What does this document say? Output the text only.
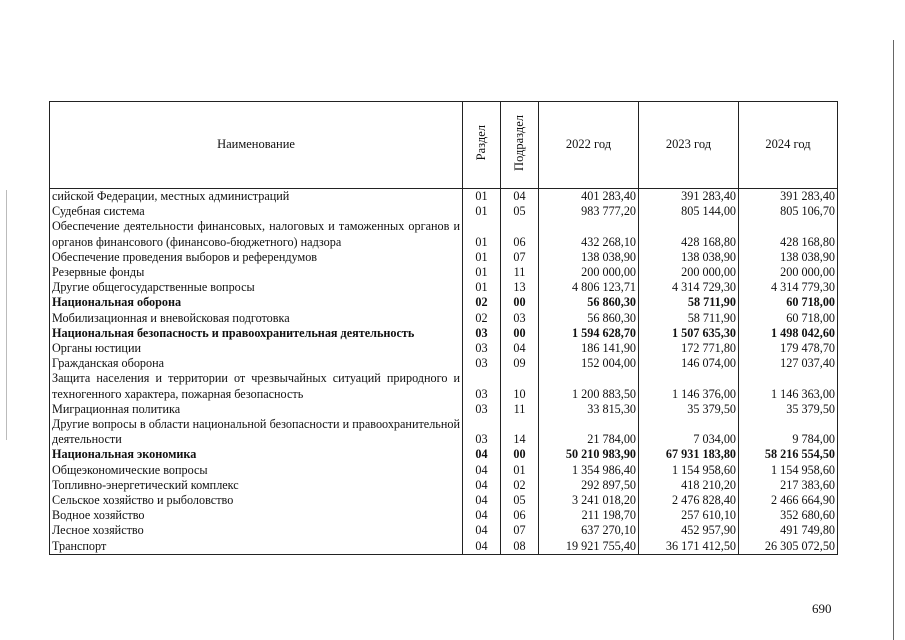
Наименование	Раздел	Подраздел	2022 год	2023 год	2024 год
сийской Федерации, местных администраций	01	04	401 283,40	391 283,40	391 283,40
Судебная система	01	05	983 777,20	805 144,00	805 106,70
Обеспечение деятельности финансовых, налоговых и таможенных органов и органов финансового (финансово-бюджетного) надзора	01	06	432 268,10	428 168,80	428 168,80
Обеспечение проведения выборов и референдумов	01	07	138 038,90	138 038,90	138 038,90
Резервные фонды	01	11	200 000,00	200 000,00	200 000,00
Другие общегосударственные вопросы	01	13	4 806 123,71	4 314 729,30	4 314 779,30
Национальная оборона	02	00	56 860,30	58 711,90	60 718,00
Мобилизационная и вневойсковая подготовка	02	03	56 860,30	58 711,90	60 718,00
Национальная безопасность и правоохранительная деятельность	03	00	1 594 628,70	1 507 635,30	1 498 042,60
Органы юстиции	03	04	186 141,90	172 771,80	179 478,70
Гражданская оборона	03	09	152 004,00	146 074,00	127 037,40
Защита населения и территории от чрезвычайных ситуаций природного и техногенного характера, пожарная безопасность	03	10	1 200 883,50	1 146 376,00	1 146 363,00
Миграционная политика	03	11	33 815,30	35 379,50	35 379,50
Другие вопросы в области национальной безопасности и правоохранительной деятельности	03	14	21 784,00	7 034,00	9 784,00
Национальная экономика	04	00	50 210 983,90	67 931 183,80	58 216 554,50
Общеэкономические вопросы	04	01	1 354 986,40	1 154 958,60	1 154 958,60
Топливно-энергетический комплекс	04	02	292 897,50	418 210,20	217 383,60
Сельское хозяйство и рыболовство	04	05	3 241 018,20	2 476 828,40	2 466 664,90
Водное хозяйство	04	06	211 198,70	257 610,10	352 680,60
Лесное хозяйство	04	07	637 270,10	452 957,90	491 749,80
Транспорт	04	08	19 921 755,40	36 171 412,50	26 305 072,50
690
